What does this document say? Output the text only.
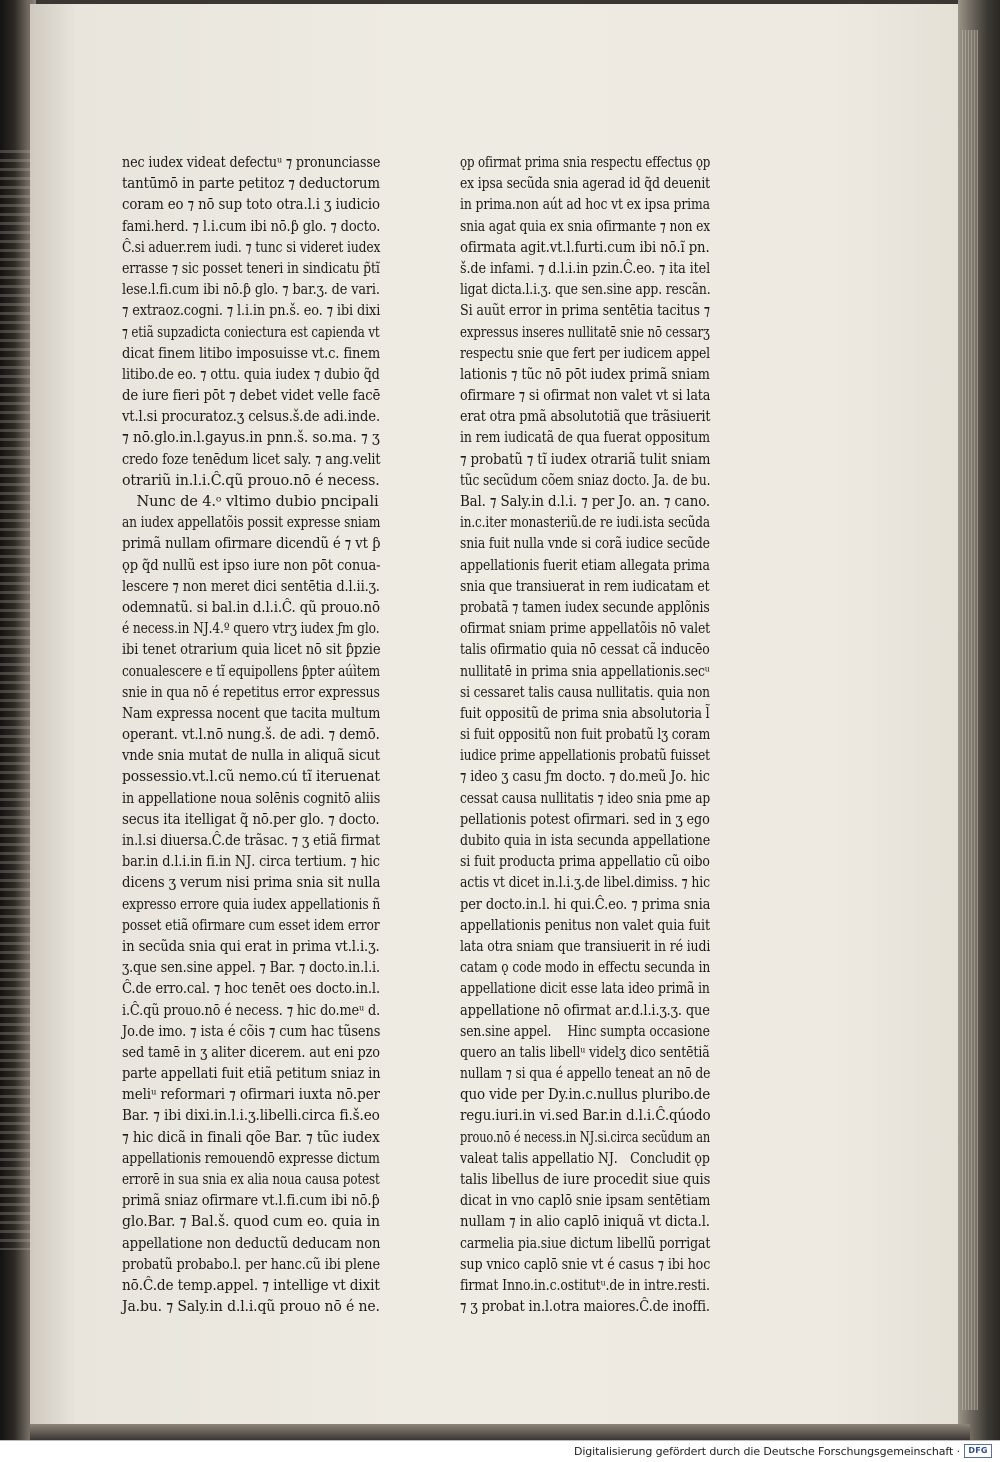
nec iudex videat defectuᵘ ⁊ pronunciasse
tantūmō in parte petitoz ⁊ deductorum
coram eo ⁊ nō sup toto οtra.l.i ʒ iudicio
fami.herd. ⁊ l.i.cum ibi nō.ƥ glo. ⁊ docto.
Ĉ.si aduer.rem iudi. ⁊ tunc si videret iudex
errasse ⁊ sic posset teneri in sindicatu p̃tĩ
lese.l.fi.cum ibi nō.ƥ glo. ⁊ bar.ʒ. de vari.
⁊ extraoz.cogni. ⁊ l.i.in pn.š. eo. ⁊ ibi dixi
⁊ etiã supzadicta coniectura est capienda vt
dicat finem litibo imposuisse vt.c. finem
litibo.de eo. ⁊ ottu. quia iudex ⁊ dubio q̃d
de iure fieri pōt ⁊ debet videt velle facē
vt.l.si procuratoz.ʒ celsus.š.de adi.inde.
⁊ nō.glo.in.l.gayus.in pnn.š. so.ma. ⁊ ʒ
credo foze tenēdum licet saly. ⁊ ang.velit
οtrariũ in.l.i.Ĉ.qũ prouo.nō é necess.
 Nunc de 4.ᵒ vltimo dubio pncipali
an iudex appellatõis possit expresse sniam
primã nullam οfirmare dicendũ é ⁊ vt ƥ
ǫp q̃d nullũ est ipso iure non pōt conua-
lescere ⁊ non meret dici sentētia d.l.ii.ʒ.
οdemnatũ. si bal.in d.l.i.Ĉ. qũ prouo.nō
é necess.in Ǌ.4.º quero vtrʒ iudex ƒm glo.
ibi tenet οtrarium quia licet nō sit ƥpzie
conualescere e tĩ equipollens ƥpter aúìtem
snie in qua nō é repetitus error expressus
Nam expressa nocent que tacita multum
operant. vt.l.nō nung.š. de adi. ⁊ demō.
vnde snia mutat de nulla in aliquã sicut
possessio.vt.l.cũ nemo.cú tĩ iteruenat
in appellatione noua solēnis cognitō aliis
secus ita itelligat q̃ nō.per glo. ⁊ docto.
in.l.si diuersa.Ĉ.de trãsac. ⁊ ʒ etiã firmat
bar.in d.l.i.in fi.in Ǌ. circa tertium. ⁊ hic
dicens ʒ verum nisi prima snia sit nulla
expresso errore quia iudex appellationis ñ
posset etiã οfirmare cum esset idem error
in secũda snia qui erat in prima vt.l.i.ʒ.
ʒ.que sen.sine appel. ⁊ Bar. ⁊ docto.in.l.i.
Ĉ.de erro.cal. ⁊ hoc tenēt oes docto.in.l.
i.Ĉ.qũ prouo.nō é necess. ⁊ hic do.meᵘ d.
Jo.de imo. ⁊ ista é cõis ⁊ cum hac tũsens
sed tamē in ʒ aliter dicerem. aut eni pzo
parte appellati fuit etiã petitum sniaz in
meliᵘ reformari ⁊ οfirmari iuxta nō.per
Bar. ⁊ ibi dixi.in.l.i.ʒ.libelli.circa fi.š.eo
⁊ hic dicã in finali qõe Bar. ⁊ tũc iudex
appellationis remouendō expresse dictum
errorē in sua snia ex alia noua causa potest
primã sniaz οfirmare vt.l.fi.cum ibi nō.ƥ
glo.Bar. ⁊ Bal.š. quod cum eo. quia in
appellatione non deductũ deducam non
probatũ probabo.l. per hanc.cũ ibi plene
nō.Ĉ.de temp.appel. ⁊ intellige vt dixit
Ja.bu. ⁊ Saly.in d.l.i.qũ prouo nō é ne.
ǫp οfirmat prima snia respectu effectus ǫp
ex ipsa secũda snia agerad id q̃d deuenit
in prima.non aút ad hoc vt ex ipsa prima
snia agat quia ex snia οfirmante ⁊ non ex
οfirmata agit.vt.l.furti.cum ibi nō.ĩ pn.
š.de infami. ⁊ d.l.i.in pzin.Ĉ.eo. ⁊ ita itel
ligat dicta.l.i.ʒ. que sen.sine app. rescãn.
Si auũt error in prima sentētia tacitus ⁊
expressus inseres nullitatē snie nō cessarʒ
respectu snie que fert per iudicem appel
lationis ⁊ tũc nō pōt iudex primã sniam
οfirmare ⁊ si οfirmat non valet vt si lata
erat οtra pmã absolutotiã que trãsiuerit
in rem iudicatã de qua fuerat oppositum
⁊ probatũ ⁊ tĩ iudex οtrariã tulit sniam
tũc secũdum cõem sniaz docto. Ja. de bu.
Bal. ⁊ Saly.in d.l.i. ⁊ per Jo. an. ⁊ cano.
in.c.iter monasteriũ.de re iudi.ista secũda
snia fuit nulla vnde si corã iudice secũde
appellationis fuerit etiam allegata prima
snia que transiuerat in rem iudicatam et
probatã ⁊ tamen iudex secunde applõnis
οfirmat sniam prime appellatõis nō valet
talis οfirmatio quia nō cessat cã inducēo
nullitatē in prima snia appellationis.secᵘ
si cessaret talis causa nullitatis. quia non
fuit oppositũ de prima snia absolutoria l̃
si fuit oppositũ non fuit probatũ lʒ coram
iudice prime appellationis probatũ fuisset
⁊ ideo ʒ casu ƒm docto. ⁊ do.meũ Jo. hic
cessat causa nullitatis ⁊ ideo snia pme ap
pellationis potest οfirmari. sed in ʒ ego
dubito quia in ista secunda appellatione
si fuit producta prima appellatio cũ oibο
actis vt dicet in.l.i.ʒ.de libel.dimiss. ⁊ hic
per docto.in.l. hi qui.Ĉ.eo. ⁊ prima snia
appellationis penitus non valet quia fuit
lata οtra sniam que transiuerit in ré iudi
catam ǫ code modo in effectu secunda in
appellatione dicit esse lata ideo primã in
appellatione nō οfirmat ar.d.l.i.ʒ.ʒ. que
sen.sine appel.  Hinc sumpta occasione
quero an talis libellᵘ videlʒ dico sentētiã
nullam ⁊ si qua é appello teneat an nō de
quo vide per Dy.in.c.nullus pluribo.de
regu.iuri.in vi.sed Bar.in d.l.i.Ĉ.qúodo
prouo.nō é necess.in Ǌ.si.circa secũdum an
valeat talis appellatio Ǌ. Concludit ǫp
talis libellus de iure procedit siue quis
dicat in vno caplō snie ipsam sentētiam
nullam ⁊ in alio caplō iniquã vt dicta.l.
carmelia pia.siue dictum libellũ porrigat
sup vnico caplō snie vt é casus ⁊ ibi hoc
firmat Inno.in.c.οstitutᵘ.de in intre.resti.
⁊ ʒ probat in.l.οtra maiores.Ĉ.de inoffi.
Digitalisierung gefördert durch die Deutsche Forschungsgemeinschaft ·	DFG
